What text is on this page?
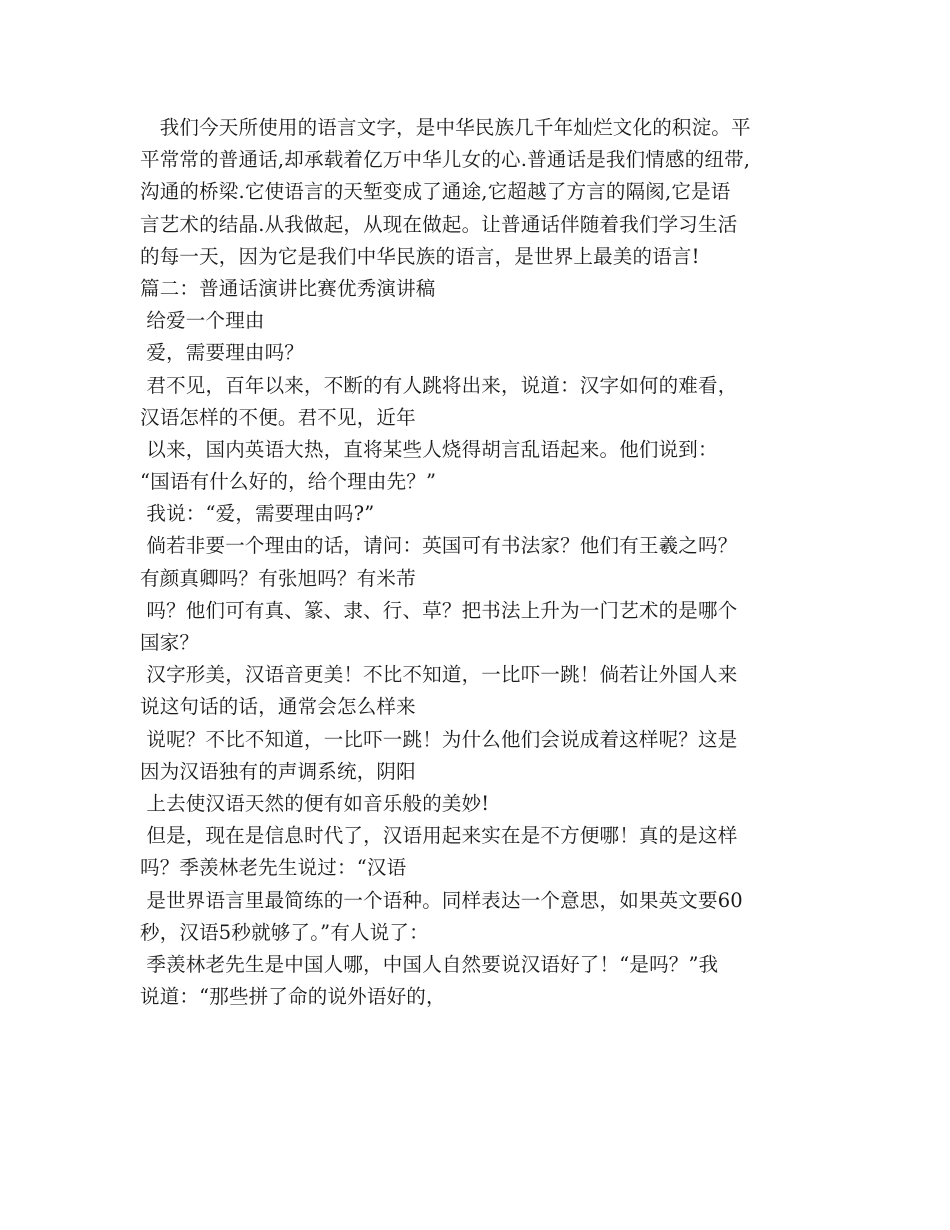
　我们今天所使用的语言文字，是中华民族几千年灿烂文化的积淀。平
平常常的普通话,却承载着亿万中华儿女的心.普通话是我们情感的纽带,
沟通的桥梁.它使语言的天堑变成了通途,它超越了方言的隔阂,它是语
言艺术的结晶.从我做起，从现在做起。让普通话伴随着我们学习生活
的每一天，因为它是我们中华民族的语言，是世界上最美的语言!
篇二：普通话演讲比赛优秀演讲稿
给爱一个理由
爱，需要理由吗？
君不见，百年以来，不断的有人跳将出来，说道：汉字如何的难看，
汉语怎样的不便。君不见，近年
以来，国内英语大热，直将某些人烧得胡言乱语起来。他们说到：
“国语有什么好的，给个理由先？”
我说：“爱，需要理由吗?”
倘若非要一个理由的话，请问：英国可有书法家？他们有王羲之吗？
有颜真卿吗？有张旭吗？有米芾
吗？他们可有真、篆、隶、行、草？把书法上升为一门艺术的是哪个
国家？
汉字形美，汉语音更美！不比不知道，一比吓一跳！倘若让外国人来
说这句话的话，通常会怎么样来
说呢？不比不知道，一比吓一跳！为什么他们会说成着这样呢？这是
因为汉语独有的声调系统，阴阳
上去使汉语天然的便有如音乐般的美妙!
但是，现在是信息时代了，汉语用起来实在是不方便哪！真的是这样
吗？季羡林老先生说过：“汉语
是世界语言里最简练的一个语种。同样表达一个意思，如果英文要60
秒，汉语5秒就够了。”有人说了：
季羡林老先生是中国人哪，中国人自然要说汉语好了！“是吗？”我
说道：“那些拼了命的说外语好的，
